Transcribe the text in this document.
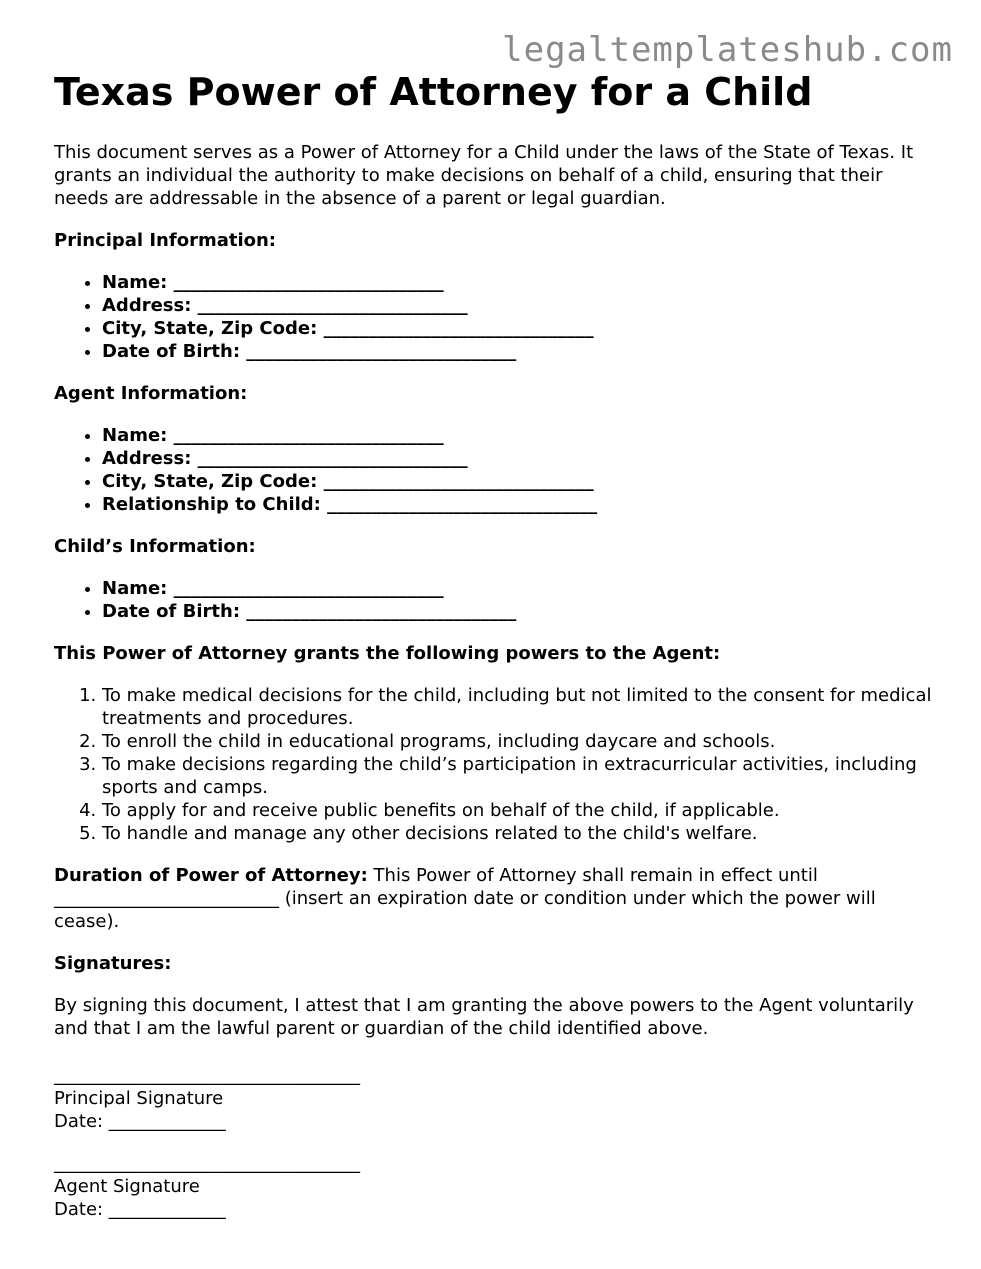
legaltemplateshub.com
Texas Power of Attorney for a Child

This document serves as a Power of Attorney for a Child under the laws of the State of Texas. It grants an individual the authority to make decisions on behalf of a child, ensuring that their needs are addressable in the absence of a parent or legal guardian.

Principal Information:

• Name: ______________________________
• Address: ______________________________
• City, State, Zip Code: ______________________________
• Date of Birth: ______________________________

Agent Information:

• Name: ______________________________
• Address: ______________________________
• City, State, Zip Code: ______________________________
• Relationship to Child: ______________________________

Child’s Information:

• Name: ______________________________
• Date of Birth: ______________________________

This Power of Attorney grants the following powers to the Agent:

1. To make medical decisions for the child, including but not limited to the consent for medical treatments and procedures.
2. To enroll the child in educational programs, including daycare and schools.
3. To make decisions regarding the child’s participation in extracurricular activities, including sports and camps.
4. To apply for and receive public benefits on behalf of the child, if applicable.
5. To handle and manage any other decisions related to the child's welfare.

Duration of Power of Attorney: This Power of Attorney shall remain in effect until _________________________ (insert an expiration date or condition under which the power will cease).

Signatures:

By signing this document, I attest that I am granting the above powers to the Agent voluntarily and that I am the lawful parent or guardian of the child identified above.

__________________________________

Principal Signature

Date: _____________

__________________________________

Agent Signature

Date: _____________
